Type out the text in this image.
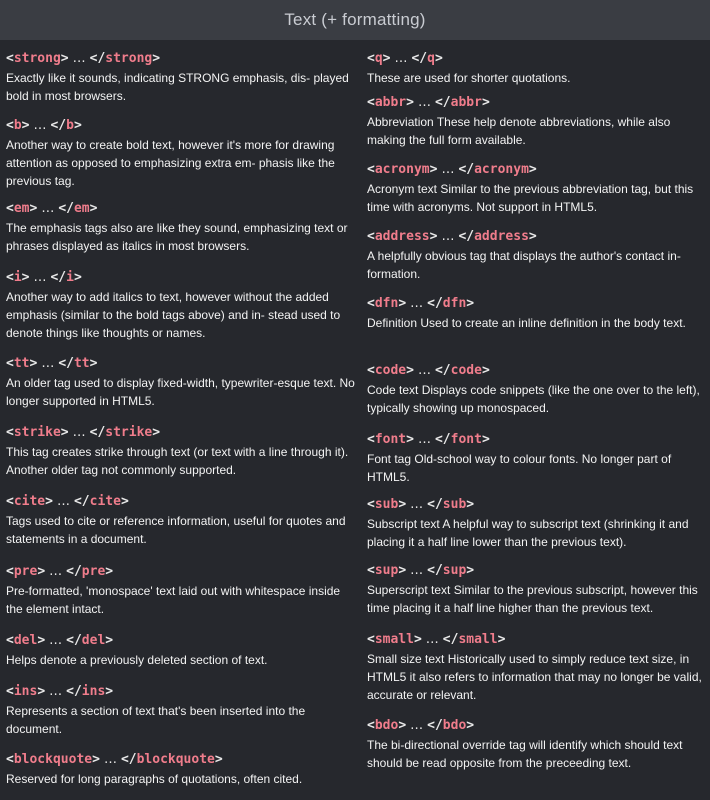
Text (+ formatting)
<strong> … </strong>
Exactly like it sounds, indicating STRONG emphasis, dis- played bold in most browsers.
<b> … </b>
Another way to create bold text, however it's more for drawing attention as opposed to emphasizing extra em- phasis like the previous tag.
<em> … </em>
The emphasis tags also are like they sound, emphasizing text or phrases displayed as italics in most browsers.
<i> … </i>
Another way to add italics to text, however without the added emphasis (similar to the bold tags above) and in- stead used to denote things like thoughts or names.
<tt> … </tt>
An older tag used to display fixed-width, typewriter-esque text. No longer supported in HTML5.
<strike> … </strike>
This tag creates strike through text (or text with a line through it). Another older tag not commonly supported.
<cite> … </cite>
Tags used to cite or reference information, useful for quotes and statements in a document.
<pre> … </pre>
Pre-formatted, 'monospace' text laid out with whitespace inside the element intact.
<del> … </del>
Helps denote a previously deleted section of text.
<ins> … </ins>
Represents a section of text that's been inserted into the document.
<blockquote> … </blockquote>
Reserved for long paragraphs of quotations, often cited.
<q> … </q>
These are used for shorter quotations.
<abbr> … </abbr>
Abbreviation These help denote abbreviations, while also making the full form available.
<acronym> … </acronym>
Acronym text Similar to the previous abbreviation tag, but this time with acronyms. Not support in HTML5.
<address> … </address>
A helpfully obvious tag that displays the author's contact in- formation.
<dfn> … </dfn>
Definition Used to create an inline definition in the body text.
<code> … </code>
Code text Displays code snippets (like the one over to the left), typically showing up monospaced.
<font> … </font>
Font tag Old-school way to colour fonts. No longer part of HTML5.
<sub> … </sub>
Subscript text A helpful way to subscript text (shrinking it and placing it a half line lower than the previous text).
<sup> … </sup>
Superscript text Similar to the previous subscript, however this time placing it a half line higher than the previous text.
<small> … </small>
Small size text Historically used to simply reduce text size, in HTML5 it also refers to information that may no longer be valid, accurate or relevant.
<bdo> … </bdo>
The bi-directional override tag will identify which should text should be read opposite from the preceeding text.
